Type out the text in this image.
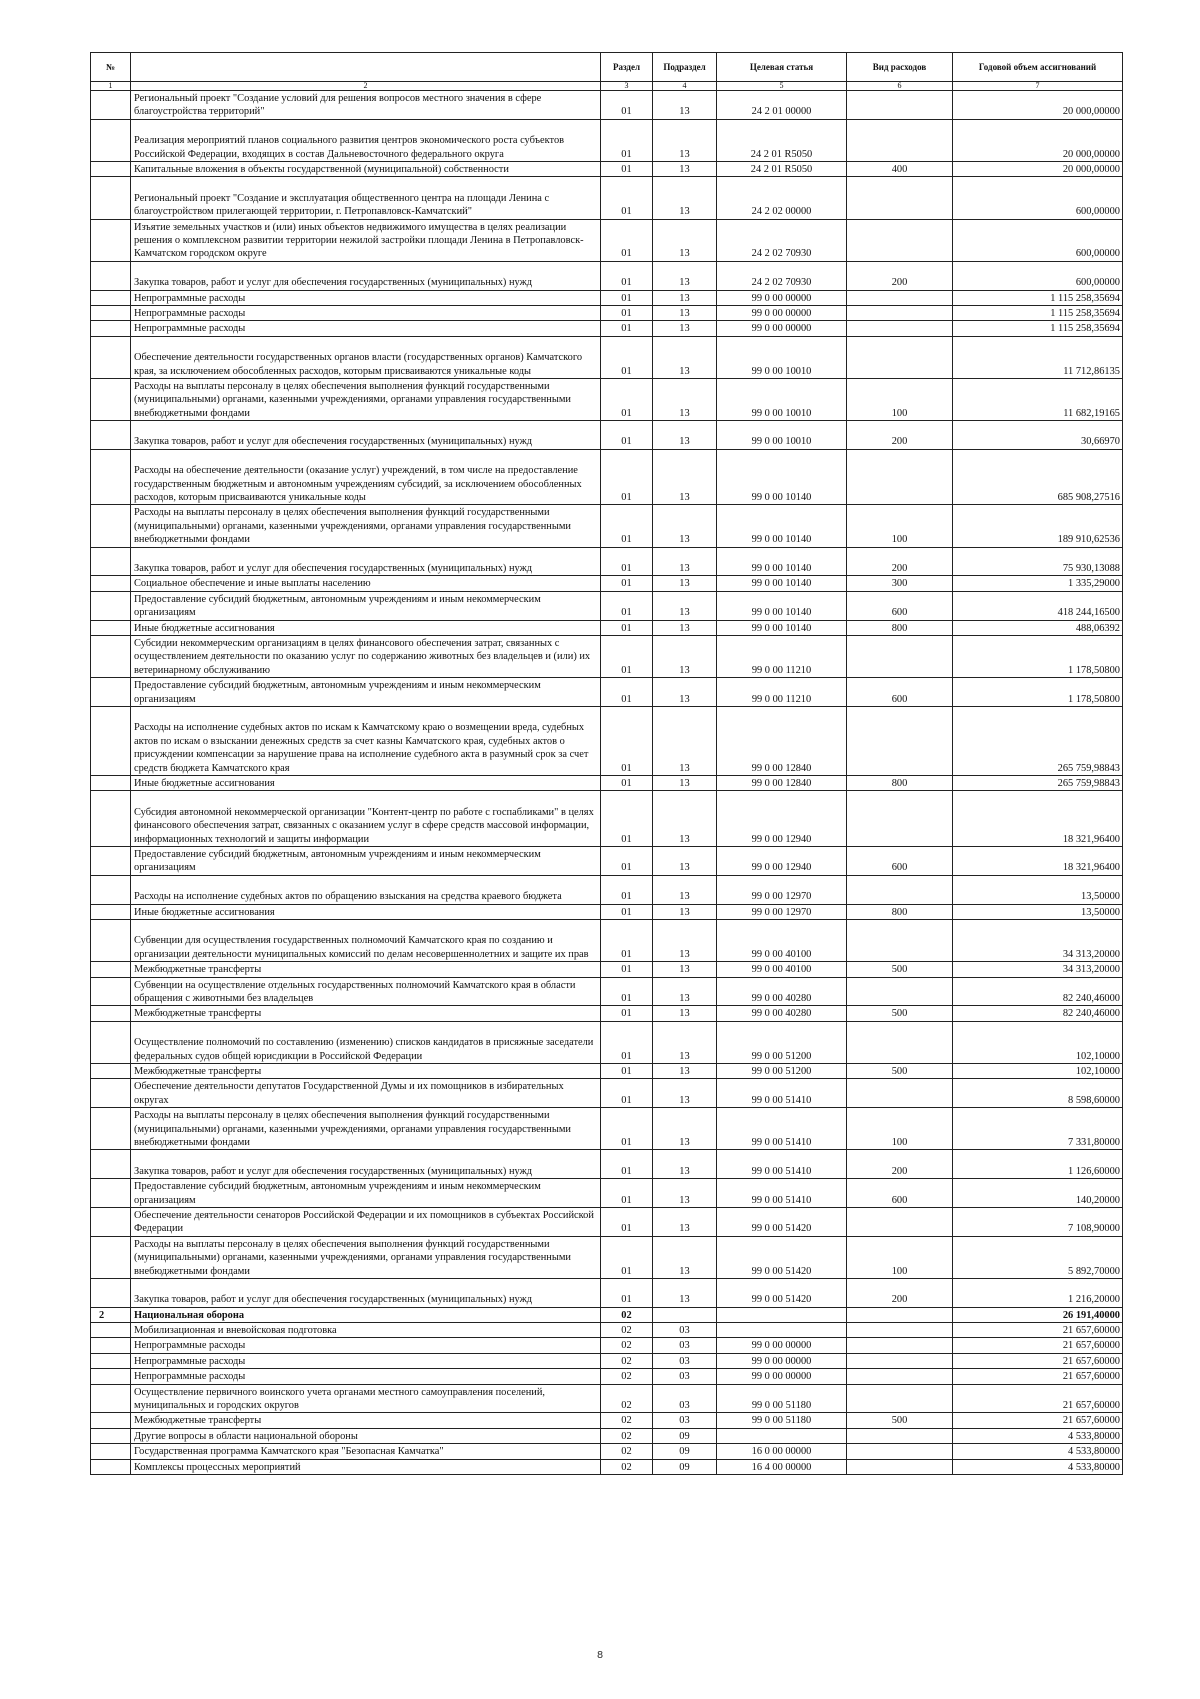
№		Раздел	Подраздел	Целевая статья	Вид расходов	Годовой объем ассигнований
1	2	3	4	5	6	7
	Региональный проект "Создание условий для решения вопросов местного значения в сфере благоустройства территорий"	01	13	24 2 01 00000		20 000,00000
	Реализация мероприятий планов социального развития центров экономического роста субъектов Российской Федерации, входящих в состав Дальневосточного федерального округа	01	13	24 2 01 R5050		20 000,00000
	Капитальные вложения в объекты государственной (муниципальной) собственности	01	13	24 2 01 R5050	400	20 000,00000
	Региональный проект "Создание и эксплуатация общественного центра на площади Ленина с благоустройством прилегающей территории, г. Петропавловск-Камчатский"	01	13	24 2 02 00000		600,00000
	Изъятие земельных участков и (или) иных объектов недвижимого имущества в целях реализации решения о комплексном развитии территории нежилой застройки площади Ленина в Петропавловск-Камчатском городском округе	01	13	24 2 02 70930		600,00000
	Закупка товаров, работ и услуг для обеспечения государственных (муниципальных) нужд	01	13	24 2 02 70930	200	600,00000
	Непрограммные расходы	01	13	99 0 00 00000		1 115 258,35694
	Непрограммные расходы	01	13	99 0 00 00000		1 115 258,35694
	Непрограммные расходы	01	13	99 0 00 00000		1 115 258,35694
	Обеспечение деятельности государственных органов власти (государственных органов) Камчатского края, за исключением обособленных расходов, которым присваиваются уникальные коды	01	13	99 0 00 10010		11 712,86135
	Расходы на выплаты персоналу в целях обеспечения выполнения функций государственными (муниципальными) органами, казенными учреждениями, органами управления государственными внебюджетными фондами	01	13	99 0 00 10010	100	11 682,19165
	Закупка товаров, работ и услуг для обеспечения государственных (муниципальных) нужд	01	13	99 0 00 10010	200	30,66970
	Расходы на обеспечение деятельности (оказание услуг) учреждений, в том числе на предоставление государственным бюджетным и автономным учреждениям субсидий, за исключением обособленных расходов, которым присваиваются уникальные коды	01	13	99 0 00 10140		685 908,27516
	Расходы на выплаты персоналу в целях обеспечения выполнения функций государственными (муниципальными) органами, казенными учреждениями, органами управления государственными внебюджетными фондами	01	13	99 0 00 10140	100	189 910,62536
	Закупка товаров, работ и услуг для обеспечения государственных (муниципальных) нужд	01	13	99 0 00 10140	200	75 930,13088
	Социальное обеспечение и иные выплаты населению	01	13	99 0 00 10140	300	1 335,29000
	Предоставление субсидий бюджетным, автономным учреждениям и иным некоммерческим организациям	01	13	99 0 00 10140	600	418 244,16500
	Иные бюджетные ассигнования	01	13	99 0 00 10140	800	488,06392
	Субсидии некоммерческим организациям в целях финансового обеспечения затрат, связанных с осуществлением деятельности по оказанию услуг по содержанию животных без владельцев и (или) их ветеринарному обслуживанию	01	13	99 0 00 11210		1 178,50800
	Предоставление субсидий бюджетным, автономным учреждениям и иным некоммерческим организациям	01	13	99 0 00 11210	600	1 178,50800
	Расходы на исполнение судебных актов по искам к Камчатскому краю о возмещении вреда, судебных актов по искам о взыскании денежных средств за счет казны Камчатского края, судебных актов о присуждении компенсации за нарушение права на исполнение судебного акта в разумный срок за счет средств бюджета Камчатского края	01	13	99 0 00 12840		265 759,98843
	Иные бюджетные ассигнования	01	13	99 0 00 12840	800	265 759,98843
	Субсидия автономной некоммерческой организации "Контент-центр по работе с госпабликами" в целях финансового обеспечения затрат, связанных с оказанием услуг в сфере средств массовой информации, информационных технологий и защиты информации	01	13	99 0 00 12940		18 321,96400
	Предоставление субсидий бюджетным, автономным учреждениям и иным некоммерческим организациям	01	13	99 0 00 12940	600	18 321,96400
	Расходы на исполнение судебных актов по обращению взыскания на средства краевого бюджета	01	13	99 0 00 12970		13,50000
	Иные бюджетные ассигнования	01	13	99 0 00 12970	800	13,50000
	Субвенции для осуществления государственных полномочий Камчатского края по созданию и организации деятельности муниципальных комиссий по делам несовершеннолетних и защите их прав	01	13	99 0 00 40100		34 313,20000
	Межбюджетные трансферты	01	13	99 0 00 40100	500	34 313,20000
	Субвенции на осуществление отдельных государственных полномочий Камчатского края в области обращения с животными без владельцев	01	13	99 0 00 40280		82 240,46000
	Межбюджетные трансферты	01	13	99 0 00 40280	500	82 240,46000
	Осуществление полномочий по составлению (изменению) списков кандидатов в присяжные заседатели федеральных судов общей юрисдикции в Российской Федерации	01	13	99 0 00 51200		102,10000
	Межбюджетные трансферты	01	13	99 0 00 51200	500	102,10000
	Обеспечение деятельности депутатов Государственной Думы и их помощников в избирательных округах	01	13	99 0 00 51410		8 598,60000
	Расходы на выплаты персоналу в целях обеспечения выполнения функций государственными (муниципальными) органами, казенными учреждениями, органами управления государственными внебюджетными фондами	01	13	99 0 00 51410	100	7 331,80000
	Закупка товаров, работ и услуг для обеспечения государственных (муниципальных) нужд	01	13	99 0 00 51410	200	1 126,60000
	Предоставление субсидий бюджетным, автономным учреждениям и иным некоммерческим организациям	01	13	99 0 00 51410	600	140,20000
	Обеспечение деятельности сенаторов Российской Федерации и их помощников в субъектах Российской Федерации	01	13	99 0 00 51420		7 108,90000
	Расходы на выплаты персоналу в целях обеспечения выполнения функций государственными (муниципальными) органами, казенными учреждениями, органами управления государственными внебюджетными фондами	01	13	99 0 00 51420	100	5 892,70000
	Закупка товаров, работ и услуг для обеспечения государственных (муниципальных) нужд	01	13	99 0 00 51420	200	1 216,20000
2	Национальная оборона	02				26 191,40000
	Мобилизационная и вневойсковая подготовка	02	03			21 657,60000
	Непрограммные расходы	02	03	99 0 00 00000		21 657,60000
	Непрограммные расходы	02	03	99 0 00 00000		21 657,60000
	Непрограммные расходы	02	03	99 0 00 00000		21 657,60000
	Осуществление первичного воинского учета органами местного самоуправления поселений, муниципальных и городских округов	02	03	99 0 00 51180		21 657,60000
	Межбюджетные трансферты	02	03	99 0 00 51180	500	21 657,60000
	Другие вопросы в области национальной обороны	02	09			4 533,80000
	Государственная программа Камчатского края "Безопасная Камчатка"	02	09	16 0 00 00000		4 533,80000
	Комплексы процессных мероприятий	02	09	16 4 00 00000		4 533,80000
8
